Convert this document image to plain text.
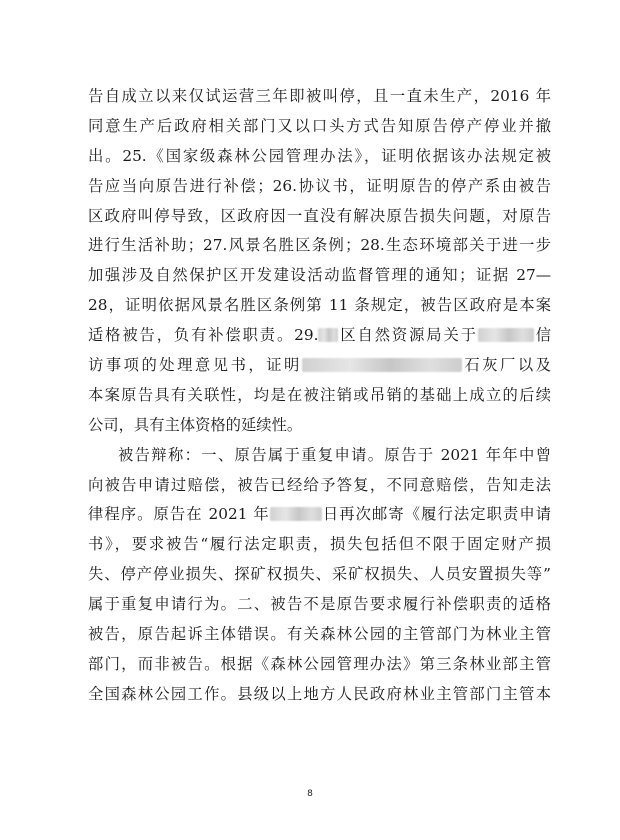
告自成立以来仅试运营三年即被叫停，且一直未生产，2016 年
同意生产后政府相关部门又以口头方式告知原告停产停业并撤
出。25.《国家级森林公园管理办法》，证明依据该办法规定被
告应当向原告进行补偿；26.协议书，证明原告的停产系由被告
区政府叫停导致，区政府因一直没有解决原告损失问题，对原告
进行生活补助；27.风景名胜区条例；28.生态环境部关于进一步
加强涉及自然保护区开发建设活动监督管理的通知；证据 27—
28，证明依据风景名胜区条例第 11 条规定，被告区政府是本案
适格被告，负有补偿职责。29. 区自然资源局关于	信
访事项的处理意见书，证明	石灰厂以及
本案原告具有关联性，均是在被注销或吊销的基础上成立的后续
公司，具有主体资格的延续性。
被告辩称：一、原告属于重复申请。原告于 2021 年年中曾
向被告申请过赔偿，被告已经给予答复，不同意赔偿，告知走法
律程序。原告在 2021 年	日再次邮寄《履行法定职责申请
书》，要求被告“履行法定职责，损失包括但不限于固定财产损
失、停产停业损失、探矿权损失、采矿权损失、人员安置损失等”
属于重复申请行为。二、被告不是原告要求履行补偿职责的适格
被告，原告起诉主体错误。有关森林公园的主管部门为林业主管
部门，而非被告。根据《森林公园管理办法》第三条林业部主管
全国森林公园工作。县级以上地方人民政府林业主管部门主管本
8
